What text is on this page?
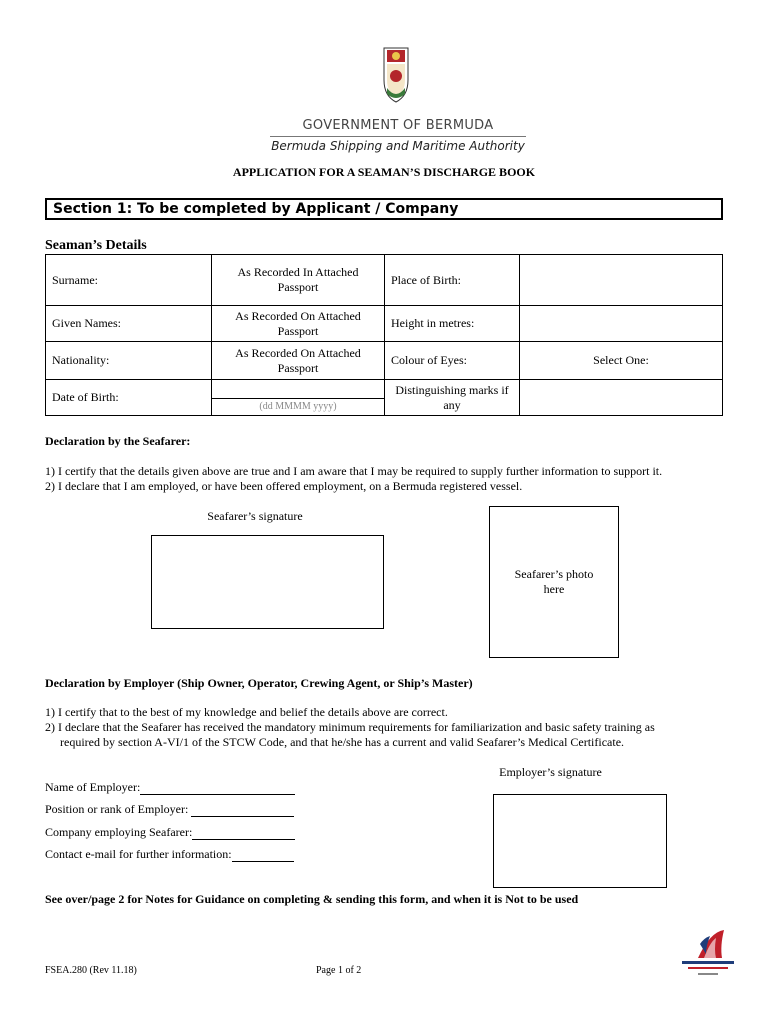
GOVERNMENT OF BERMUDA
Bermuda Shipping and Maritime Authority
APPLICATION FOR A SEAMAN’S DISCHARGE BOOK
Section 1: To be completed by Applicant / Company
Seaman’s Details
Surname:	As Recorded In Attached Passport	Place of Birth:	
Given Names:	As Recorded On Attached Passport	Height in metres:	
Nationality:	As Recorded On Attached Passport	Colour of Eyes:	Select One:
Date of Birth:	(dd MMMM yyyy)	Distinguishing marks if any	
Declaration by the Seafarer:
1) I certify that the details given above are true and I am aware that I may be required to supply further information to support it.
2) I declare that I am employed, or have been offered employment, on a Bermuda registered vessel.
Seafarer’s signature
Seafarer’s photo here
Declaration by Employer (Ship Owner, Operator, Crewing Agent, or Ship’s Master)
1) I certify that to the best of my knowledge and belief the details above are correct.
2) I declare that the Seafarer has received the mandatory minimum requirements for familiarization and basic safety training as
required by section A-VI/1 of the STCW Code, and that he/she has a current and valid Seafarer’s Medical Certificate.
Employer’s signature
Name of Employer:
Position or rank of Employer:
Company employing Seafarer:
Contact e-mail for further information:
See over/page 2 for Notes for Guidance on completing & sending this form, and when it is Not to be used
FSEA.280 (Rev 11.18)	Page 1 of 2
